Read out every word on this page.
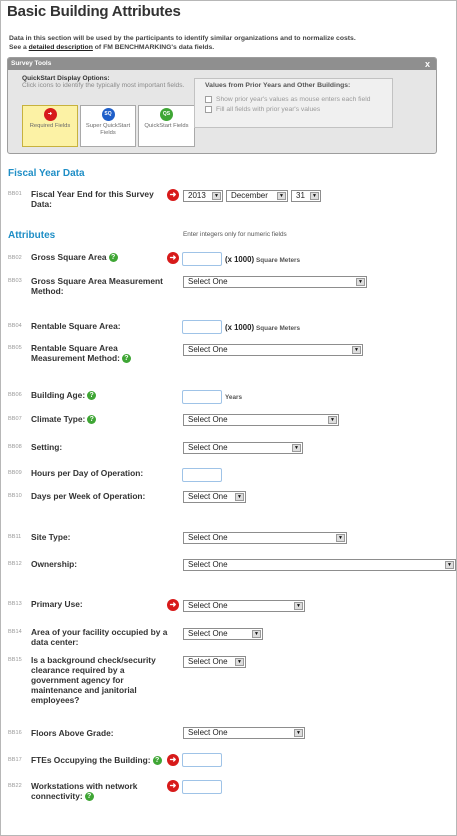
Basic Building Attributes
Data in this section will be used by the participants to identify similar organizations and to normalize costs.
See a detailed description of FM BENCHMARKING's data fields.
Survey Tools	x
QuickStart Display Options:
Click icons to identify the typically most important fields.
➜
Required Fields
SQ
Super QuickStart Fields
QS
QuickStart Fields
Values from Prior Years and Other Buildings:
Show prior year's values as mouse enters each field
Fill all fields with prior year's values
Fiscal Year Data
BB01 Fiscal Year End for this Survey Data:
➜	2013	▼	December	▼	31	▼
Attributes	Enter integers only for numeric fields
BB02 Gross Square Area ?	➜	(x 1000) Square Meters
BB03 Gross Square Area Measurement Method:
Select One	▼
BB04 Rentable Square Area:	(x 1000) Square Meters
BB05 Rentable Square Area Measurement Method: ?
Select One	▼
BB06 Building Age: ?	Years
BB07 Climate Type: ?	Select One	▼
BB08 Setting:	Select One	▼
BB09 Hours per Day of Operation:
BB10 Days per Week of Operation:	Select One	▼
BB11 Site Type:	Select One	▼
BB12 Ownership:	Select One	▼
BB13 Primary Use:	➜	Select One	▼
BB14 Area of your facility occupied by a data center:
Select One	▼
BB15 Is a background check/security clearance required by a government agency for maintenance and janitorial employees?
Select One	▼
BB16 Floors Above Grade:	Select One	▼
BB17 FTEs Occupying the Building: ?	➜
BB22 Workstations with network connectivity: ?
➜
